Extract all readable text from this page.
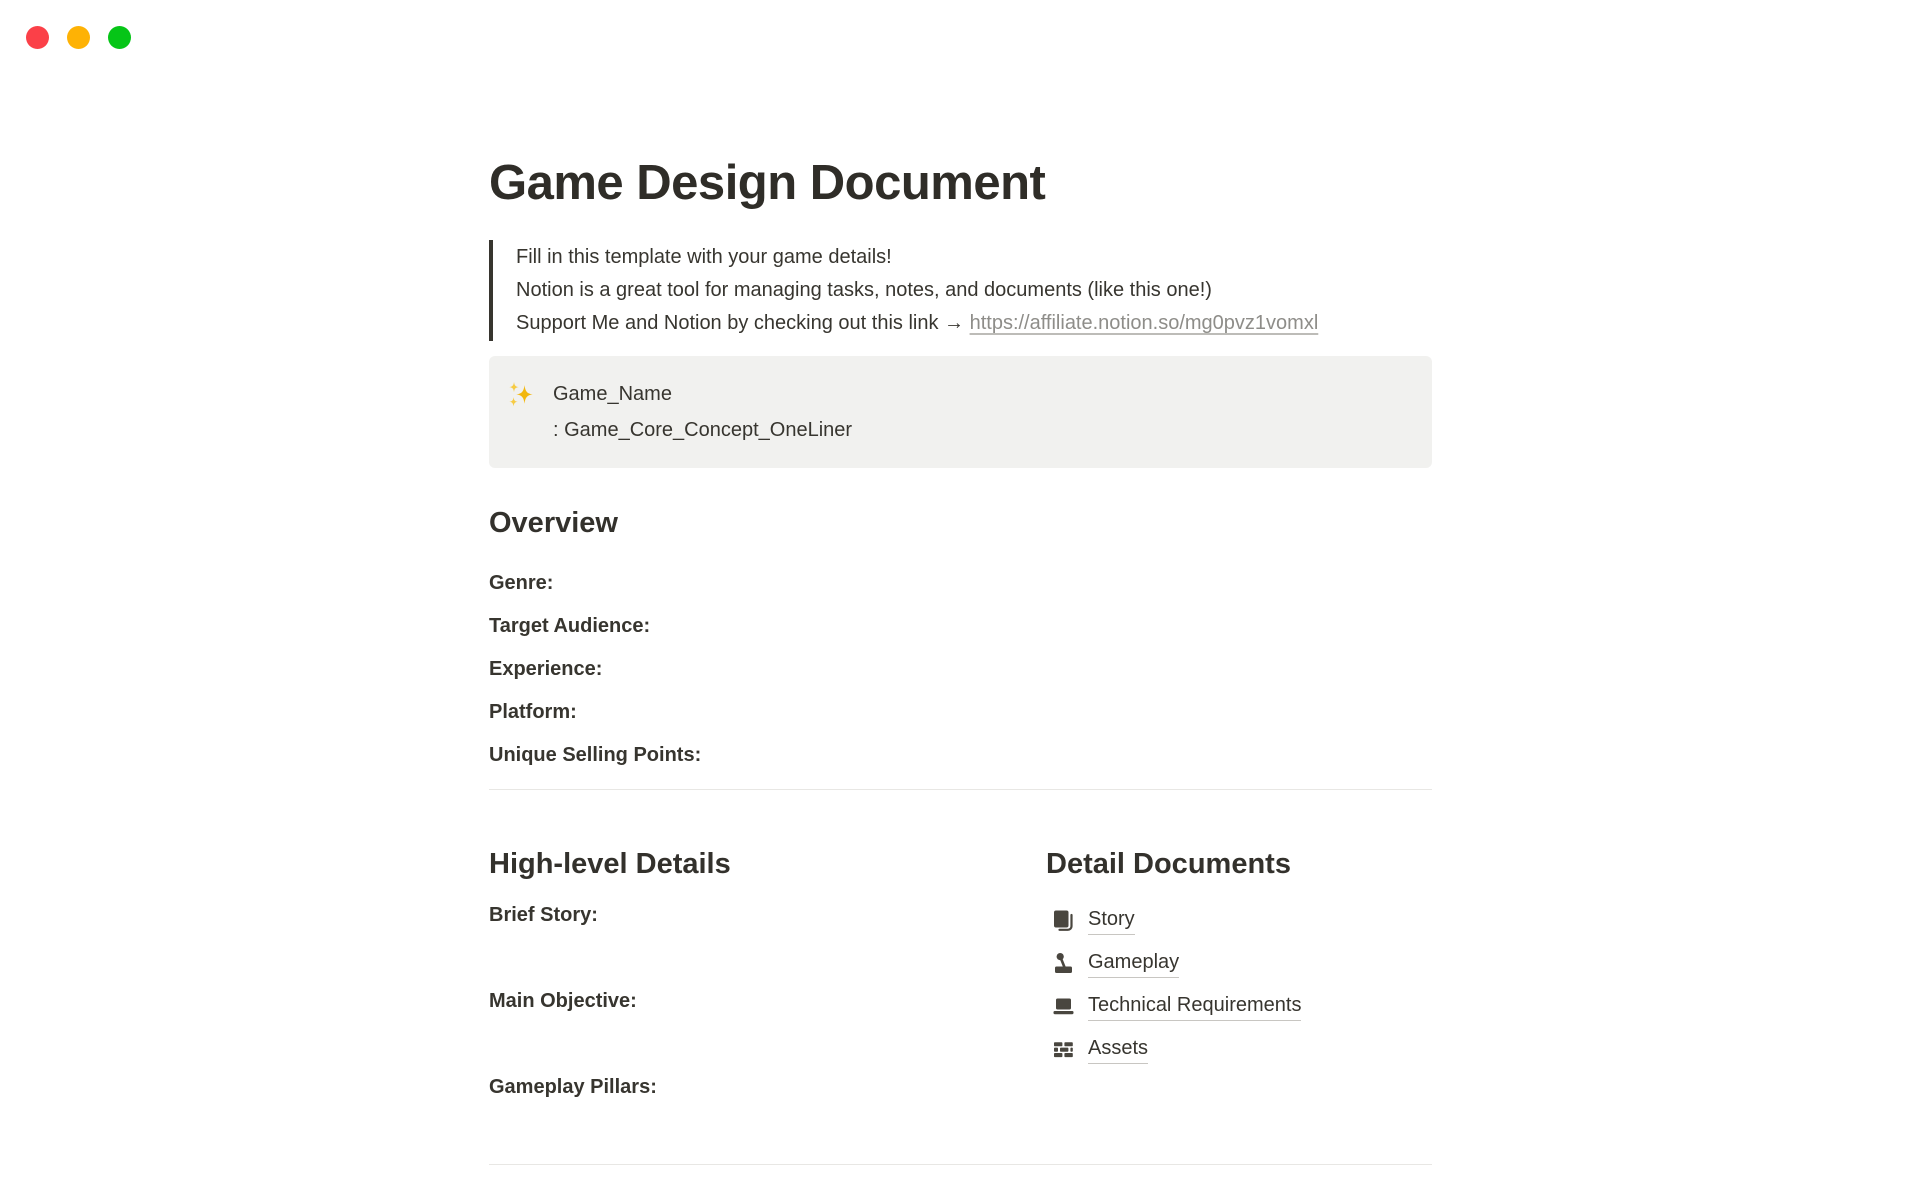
Game Design Document
Fill in this template with your game details!
Notion is a great tool for managing tasks, notes, and documents (like this one!)
Support Me and Notion by checking out this link → https://affiliate.notion.so/mg0pvz1vomxl
Game_Name
: Game_Core_Concept_OneLiner
Overview

Genre:

Target Audience:

Experience:

Platform:

Unique Selling Points:

High-level Details

Brief Story:

Main Objective:

Gameplay Pillars:

Detail Documents
Story
Gameplay
Technical Requirements
Assets
